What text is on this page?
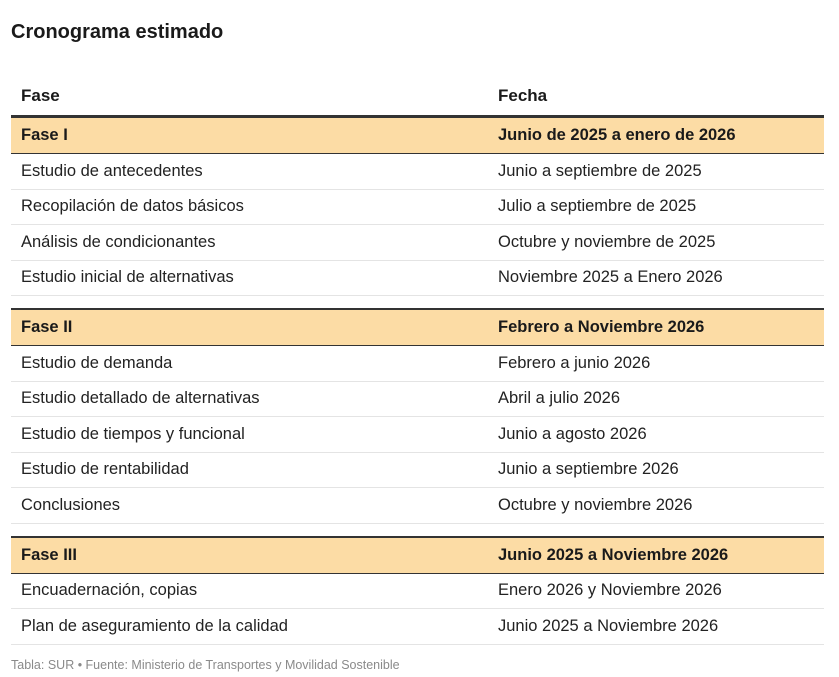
Cronograma estimado
Fase	Fecha
Fase I	Junio de 2025 a enero de 2026
Estudio de antecedentes	Junio a septiembre de 2025
Recopilación de datos básicos	Julio a septiembre de 2025
Análisis de condicionantes	Octubre y noviembre de 2025
Estudio inicial de alternativas	Noviembre 2025 a Enero 2026
Fase II	Febrero a Noviembre 2026
Estudio de demanda	Febrero a junio 2026
Estudio detallado de alternativas	Abril a julio 2026
Estudio de tiempos y funcional	Junio a agosto 2026
Estudio de rentabilidad	Junio a septiembre 2026
Conclusiones	Octubre y noviembre 2026
Fase III	Junio 2025 a Noviembre 2026
Encuadernación, copias	Enero 2026 y Noviembre 2026
Plan de aseguramiento de la calidad	Junio 2025 a Noviembre 2026
Tabla: SUR • Fuente: Ministerio de Transportes y Movilidad Sostenible
